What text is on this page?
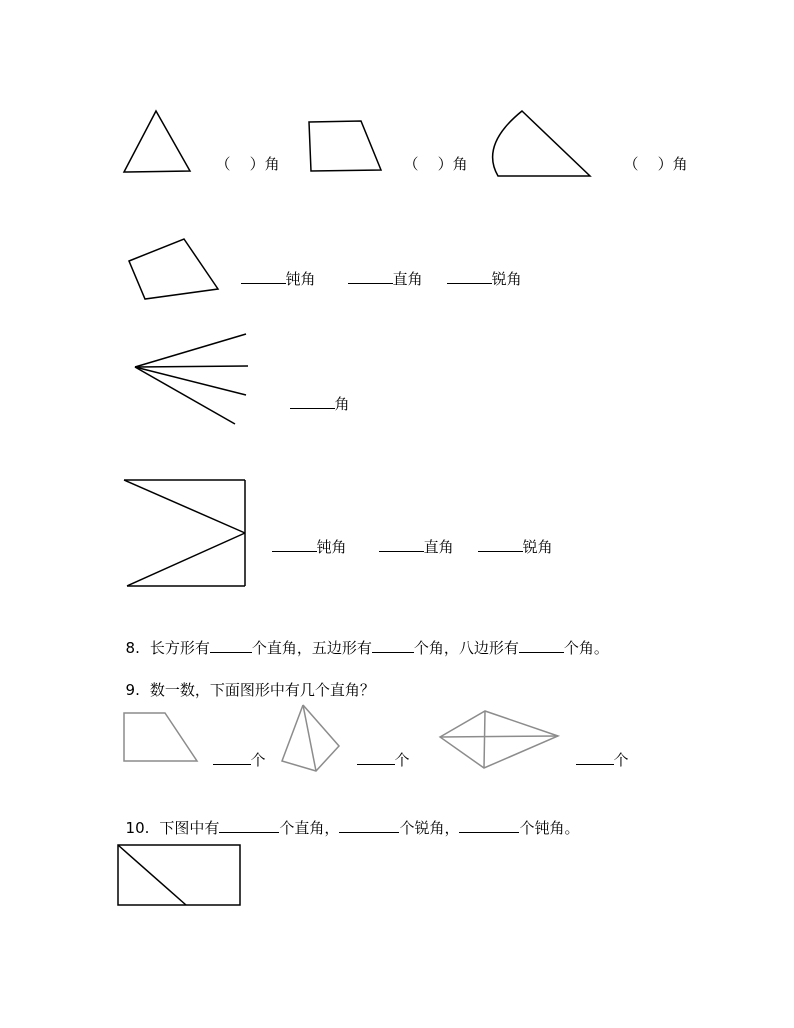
（    ）角	（    ）角	（    ）角

钝角	直角	锐角

角

钝角	直角	锐角

8. 长方形有	个直角，五边形有	个角，八边形有	个角。

9. 数一数，下面图形中有几个直角？

个	个	个

10. 下图中有	个直角，	个锐角，	个钝角。
